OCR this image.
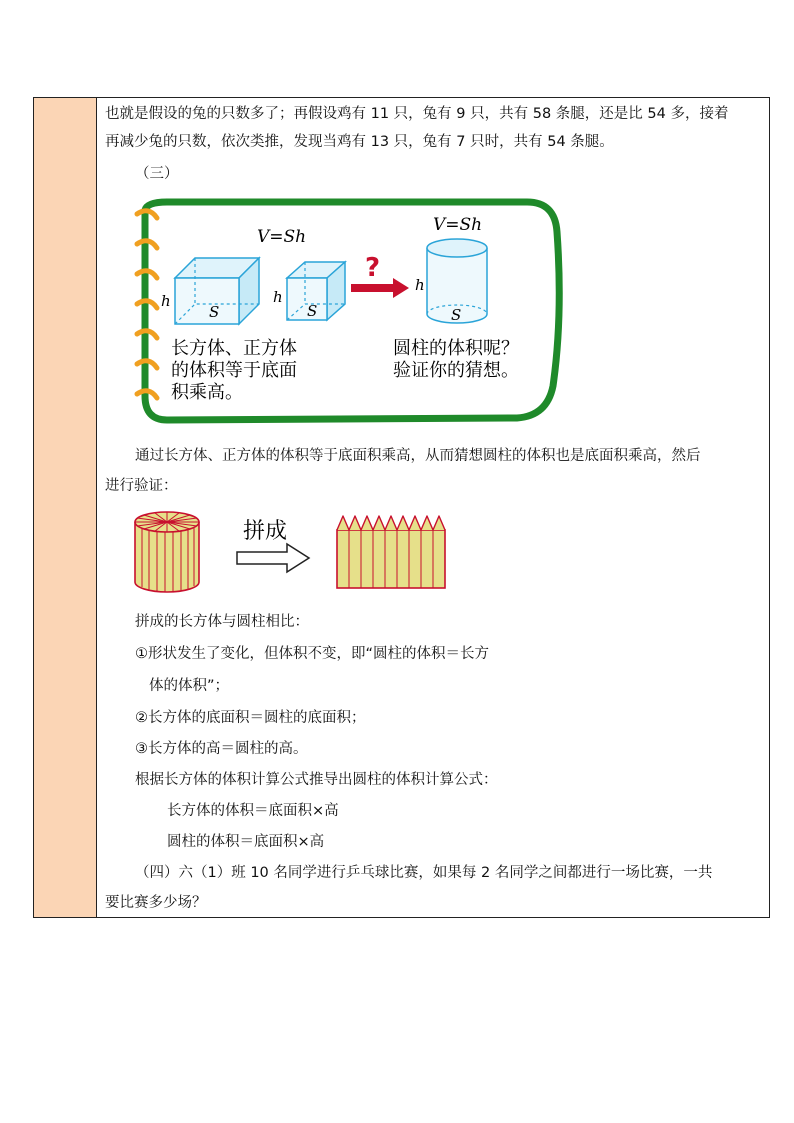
也就是假设的兔的只数多了；再假设鸡有 11 只，兔有 9 只，共有 58 条腿，还是比 54 多，接着
再减少兔的只数，依次类推，发现当鸡有 13 只，兔有 7 只时，共有 54 条腿。
（三）
V=Sh
h
S
h
S
?
V=Sh
h
S
长方体、正方体
的体积等于底面
积乘高。
圆柱的体积呢？
验证你的猜想。
通过长方体、正方体的体积等于底面积乘高，从而猜想圆柱的体积也是底面积乘高，然后
进行验证：
拼成
拼成的长方体与圆柱相比：
①形状发生了变化，但体积不变，即“圆柱的体积＝长方
体的体积”；
②长方体的底面积＝圆柱的底面积；
③长方体的高＝圆柱的高。
根据长方体的体积计算公式推导出圆柱的体积计算公式：
长方体的体积＝底面积×高
圆柱的体积＝底面积×高
（四）六（1）班 10 名同学进行乒乓球比赛，如果每 2 名同学之间都进行一场比赛，一共
要比赛多少场？
